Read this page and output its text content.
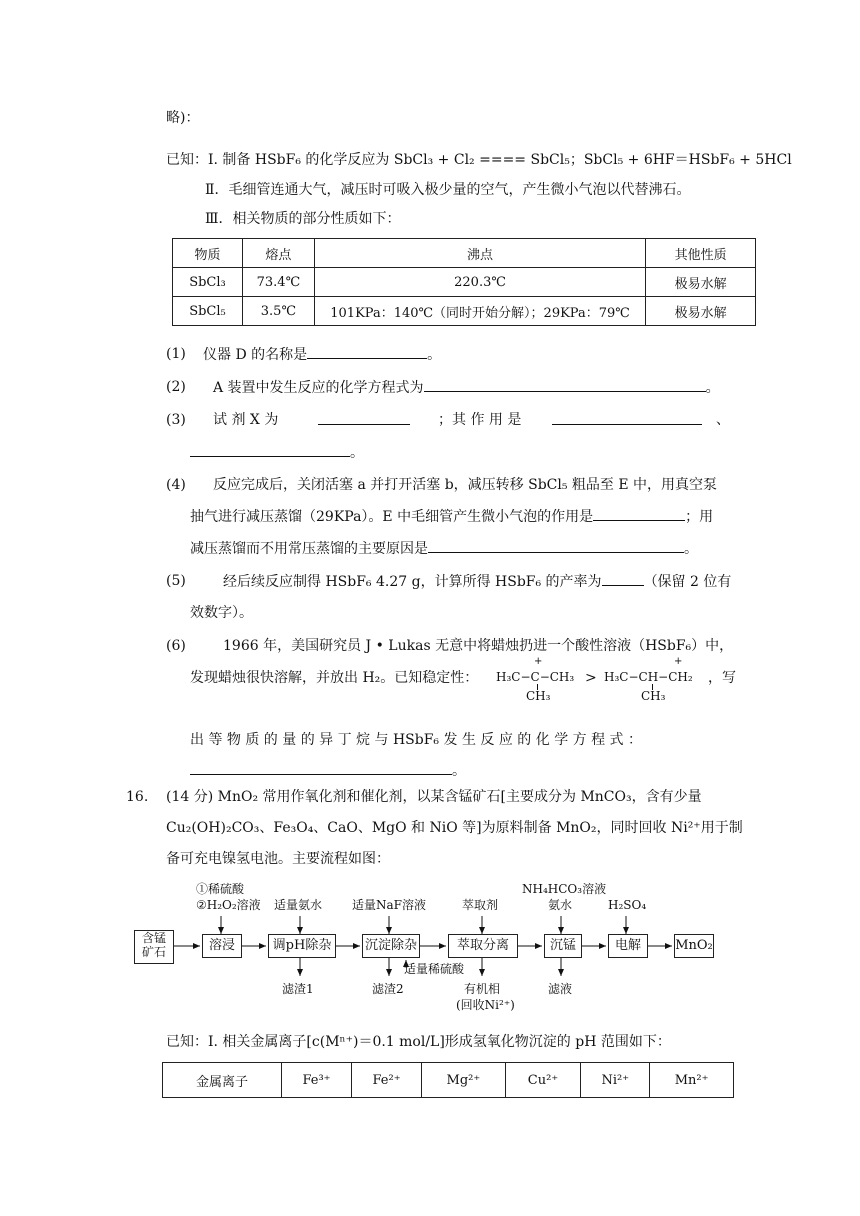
略)：
已知：I. 制备 HSbF₆ 的化学反应为 SbCl₃ + Cl₂ ==== SbCl₅；SbCl₅ + 6HF＝HSbF₆ + 5HCl
Ⅱ．毛细管连通大气，减压时可吸入极少量的空气，产生微小气泡以代替沸石。
Ⅲ．相关物质的部分性质如下：
物质	熔点	沸点	其他性质
SbCl₃	73.4℃	220.3℃	极易水解
SbCl₅	3.5℃	101KPa：140℃（同时开始分解）；29KPa：79℃	极易水解
(1) 仪器 D 的名称是	。
(2) A 装置中发生反应的化学方程式为	。
(3) 试 剂 X 为	；其 作 用 是	、
。
(4) 反应完成后，关闭活塞 a 并打开活塞 b，减压转移 SbCl₅ 粗品至 E 中，用真空泵
抽气进行减压蒸馏（29KPa）。E 中毛细管产生微小气泡的作用是	；用
减压蒸馏而不用常压蒸馏的主要原因是	。
(5)	经后续反应制得 HSbF₆ 4.27 g，计算所得 HSbF₆ 的产率为	（保留 2 位有
效数字）。
(6)	1966 年，美国研究员 J • Lukas 无意中将蜡烛扔进一个酸性溶液（HSbF₆）中，
发现蜡烛很快溶解，并放出 H₂。已知稳定性：
+
H₃C−C−CH₃
CH₃
>
+
H₃C−CH−CH₂
CH₃
，写
出 等 物 质 的 量 的 异 丁 烷 与 HSbF₆ 发 生 反 应 的 化 学 方 程 式 ：
。
16. (14 分) MnO₂ 常用作氧化剂和催化剂，以某含锰矿石[主要成分为 MnCO₃，含有少量
Cu₂(OH)₂CO₃、Fe₃O₄、CaO、MgO 和 NiO 等]为原料制备 MnO₂，同时回收 Ni²⁺用于制
备可充电镍氢电池。主要流程如图：
含锰
矿石	溶浸	调pH除杂	沉淀除杂	萃取分离	沉锰	电解	MnO₂
①稀硫酸
②H₂O₂溶液 适量氨水 适量NaF溶液	萃取剂
NH₄HCO₃溶液
氨水	H₂SO₄
适量稀硫酸
滤渣1	滤渣2	有机相
(回收Ni²⁺)
滤液
已知：I. 相关金属离子[c(Mⁿ⁺)＝0.1 mol/L]形成氢氧化物沉淀的 pH 范围如下：
金属离子	Fe³⁺	Fe²⁺	Mg²⁺	Cu²⁺	Ni²⁺	Mn²⁺
